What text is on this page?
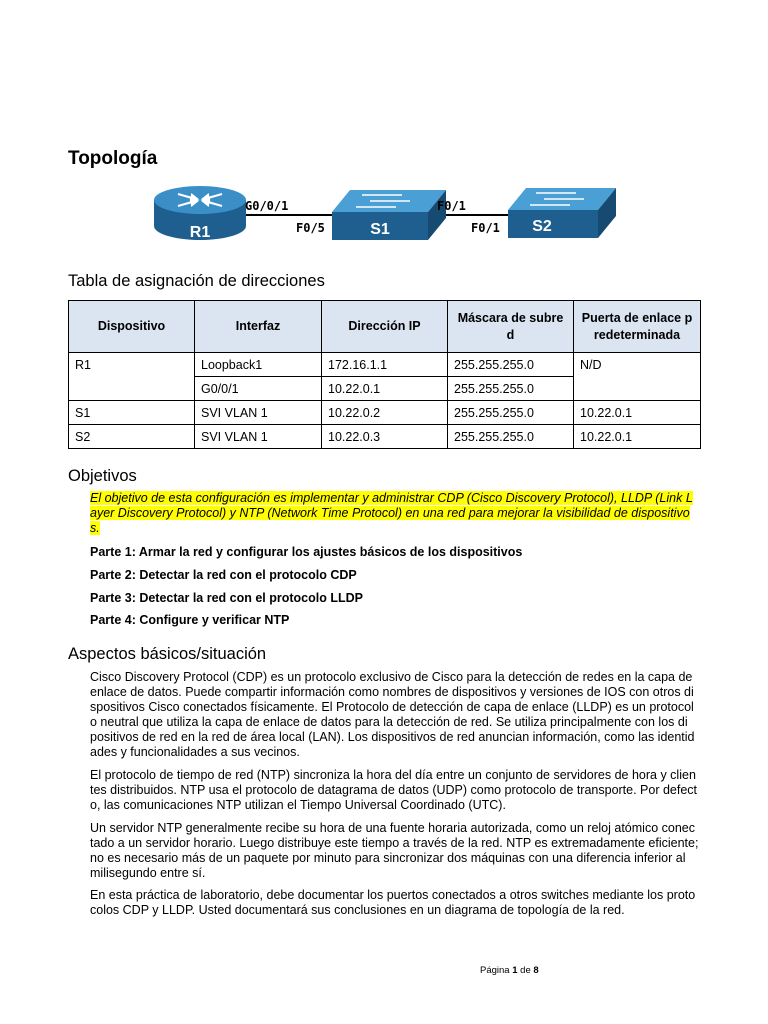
Topología
R1
G0/0/1
F0/5	S1
F0/1
F0/1 S2
Tabla de asignación de direcciones
Dispositivo	Interfaz	Dirección IP	Máscara de subre d	Puerta de enlace p redeterminada
R1	Loopback1	172.16.1.1	255.255.255.0	N/D
	G0/0/1	10.22.0.1	255.255.255.0	
S1	SVI VLAN 1	10.22.0.2	255.255.255.0	10.22.0.1
S2	SVI VLAN 1	10.22.0.3	255.255.255.0	10.22.0.1
Objetivos
El objetivo de esta configuración es implementar y administrar CDP (Cisco Discovery Protocol), LLDP (Link L ayer Discovery Protocol) y NTP (Network Time Protocol) en una red para mejorar la visibilidad de dispositivo s.
Parte 1: Armar la red y configurar los ajustes básicos de los dispositivos
Parte 2: Detectar la red con el protocolo CDP
Parte 3: Detectar la red con el protocolo LLDP
Parte 4: Configure y verificar NTP
Aspectos básicos/situación

Cisco Discovery Protocol (CDP) es un protocolo exclusivo de Cisco para la detección de redes en la capa de enlace de datos. Puede compartir información como nombres de dispositivos y versiones de IOS con otros di spositivos Cisco conectados físicamente. El Protocolo de detección de capa de enlace (LLDP) es un protocol o neutral que utiliza la capa de enlace de datos para la detección de red. Se utiliza principalmente con los di positivos de red en la red de área local (LAN). Los dispositivos de red anuncian información, como las identid ades y funcionalidades a sus vecinos.

El protocolo de tiempo de red (NTP) sincroniza la hora del día entre un conjunto de servidores de hora y clien tes distribuidos. NTP usa el protocolo de datagrama de datos (UDP) como protocolo de transporte. Por defect o, las comunicaciones NTP utilizan el Tiempo Universal Coordinado (UTC).

Un servidor NTP generalmente recibe su hora de una fuente horaria autorizada, como un reloj atómico conec tado a un servidor horario. Luego distribuye este tiempo a través de la red. NTP es extremadamente eficiente; no es necesario más de un paquete por minuto para sincronizar dos máquinas con una diferencia inferior al milisegundo entre sí.

En esta práctica de laboratorio, debe documentar los puertos conectados a otros switches mediante los proto colos CDP y LLDP. Usted documentará sus conclusiones en un diagrama de topología de la red.

Página 1 de 8
